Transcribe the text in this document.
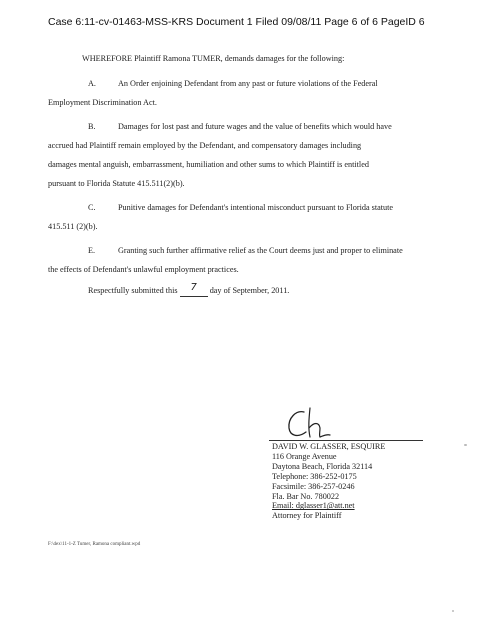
Case 6:11-cv-01463-MSS-KRS Document 1 Filed 09/08/11 Page 6 of 6 PageID 6
WHEREFORE Plaintiff Ramona TUMER, demands damages for the following:
A.	An Order enjoining Defendant from any past or future violations of the Federal
Employment Discrimination Act.
B.	Damages for lost past and future wages and the value of benefits which would have
accrued had Plaintiff remain employed by the Defendant, and compensatory damages including
damages mental anguish, embarrassment, humiliation and other sums to which Plaintiff is entitled
pursuant to Florida Statute 415.511(2)(b).
C.	Punitive damages for Defendant's intentional misconduct pursuant to Florida statute
415.511 (2)(b).
E.	Granting such further affirmative relief as the Court deems just and proper to eliminate
the effects of Defendant's unlawful employment practices.
Respectfully submitted this 7 day of September, 2011.
DAVID W. GLASSER, ESQUIRE
116 Orange Avenue
Daytona Beach, Florida 32114
Telephone: 386-252-0175
Facsimile: 386-257-0246
Fla. Bar No. 780022
Email: dglasser1@att.net
Attorney for Plaintiff
F:\dex\11-1-Z Tumer, Ramona compliant.wpd
